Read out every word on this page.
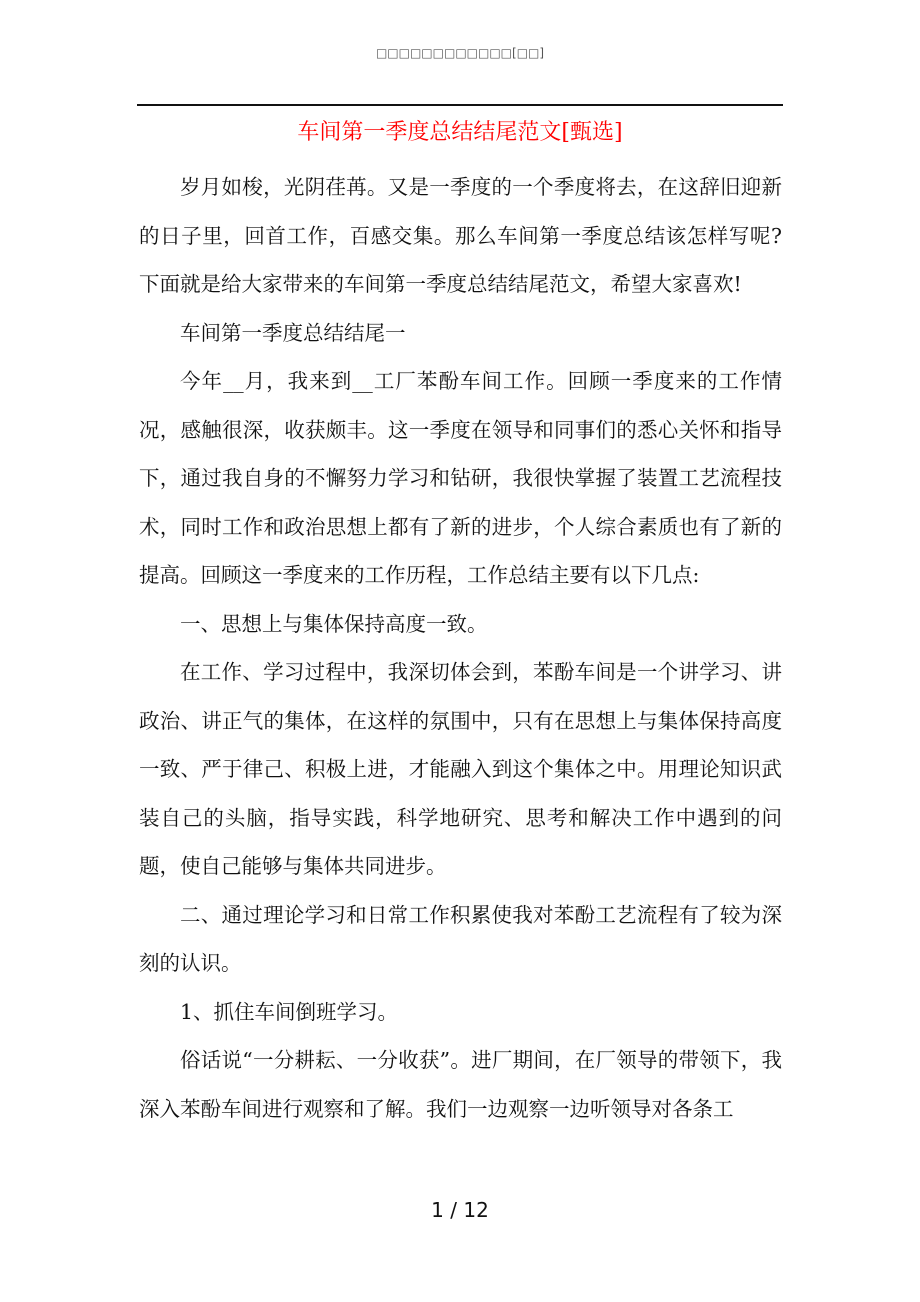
□□□□□□□□□□□□[□□]
车间第一季度总结结尾范文[甄选]

岁月如梭，光阴荏苒。又是一季度的一个季度将去，在这辞旧迎新的日子里，回首工作，百感交集。那么车间第一季度总结该怎样写呢?下面就是给大家带来的车间第一季度总结结尾范文，希望大家喜欢!

车间第一季度总结结尾一

今年__月，我来到__工厂苯酚车间工作。回顾一季度来的工作情况，感触很深，收获颇丰。这一季度在领导和同事们的悉心关怀和指导下，通过我自身的不懈努力学习和钻研，我很快掌握了装置工艺流程技术，同时工作和政治思想上都有了新的进步，个人综合素质也有了新的提高。回顾这一季度来的工作历程，工作总结主要有以下几点:

一、思想上与集体保持高度一致。

在工作、学习过程中，我深切体会到，苯酚车间是一个讲学习、讲政治、讲正气的集体，在这样的氛围中，只有在思想上与集体保持高度一致、严于律己、积极上进，才能融入到这个集体之中。用理论知识武装自己的头脑，指导实践，科学地研究、思考和解决工作中遇到的问题，使自己能够与集体共同进步。

二、通过理论学习和日常工作积累使我对苯酚工艺流程有了较为深刻的认识。

1、抓住车间倒班学习。

俗话说“一分耕耘、一分收获”。进厂期间，在厂领导的带领下，我深入苯酚车间进行观察和了解。我们一边观察一边听领导对各条工

1 / 12
